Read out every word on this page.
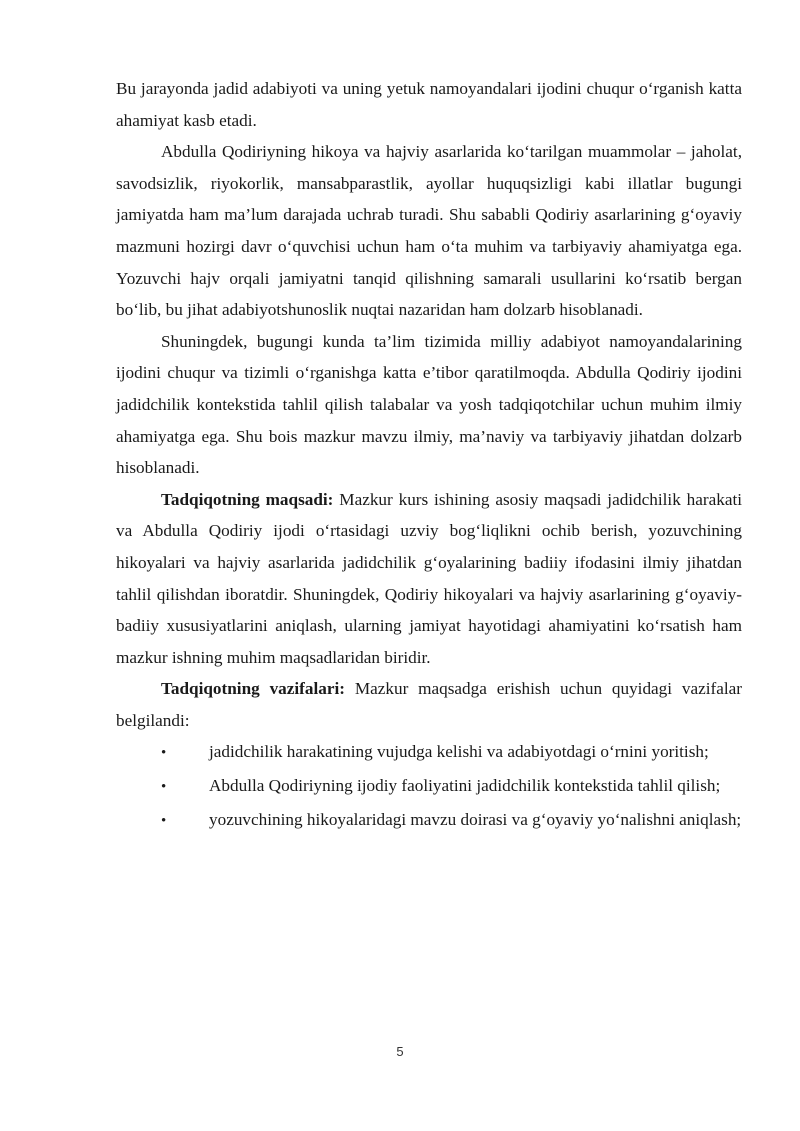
Bu jarayonda jadid adabiyoti va uning yetuk namoyandalari ijodini chuqur o‘rganish katta ahamiyat kasb etadi.

Abdulla Qodiriyning hikoya va hajviy asarlarida ko‘tarilgan muammolar – jaholat, savodsizlik, riyokorlik, mansabparastlik, ayollar huquqsizligi kabi illatlar bugungi jamiyatda ham ma’lum darajada uchrab turadi. Shu sababli Qodiriy asarlarining g‘oyaviy mazmuni hozirgi davr o‘quvchisi uchun ham o‘ta muhim va tarbiyaviy ahamiyatga ega. Yozuvchi hajv orqali jamiyatni tanqid qilishning samarali usullarini ko‘rsatib bergan bo‘lib, bu jihat adabiyotshunoslik nuqtai nazaridan ham dolzarb hisoblanadi.

Shuningdek, bugungi kunda ta’lim tizimida milliy adabiyot namoyandalarining ijodini chuqur va tizimli o‘rganishga katta e’tibor qaratilmoqda. Abdulla Qodiriy ijodini jadidchilik kontekstida tahlil qilish talabalar va yosh tadqiqotchilar uchun muhim ilmiy ahamiyatga ega. Shu bois mazkur mavzu ilmiy, ma’naviy va tarbiyaviy jihatdan dolzarb hisoblanadi.

Tadqiqotning maqsadi: Mazkur kurs ishining asosiy maqsadi jadidchilik harakati va Abdulla Qodiriy ijodi o‘rtasidagi uzviy bog‘liqlikni ochib berish, yozuvchining hikoyalari va hajviy asarlarida jadidchilik g‘oyalarining badiiy ifodasini ilmiy jihatdan tahlil qilishdan iboratdir. Shuningdek, Qodiriy hikoyalari va hajviy asarlarining g‘oyaviy-badiiy xususiyatlarini aniqlash, ularning jamiyat hayotidagi ahamiyatini ko‘rsatish ham mazkur ishning muhim maqsadlaridan biridir.

Tadqiqotning vazifalari: Mazkur maqsadga erishish uchun quyidagi vazifalar belgilandi:

• jadidchilik harakatining vujudga kelishi va adabiyotdagi o‘rnini yoritish;

• Abdulla Qodiriyning ijodiy faoliyatini jadidchilik kontekstida tahlil qilish;

• yozuvchining hikoyalaridagi mavzu doirasi va g‘oyaviy yo‘nalishni aniqlash;

5
